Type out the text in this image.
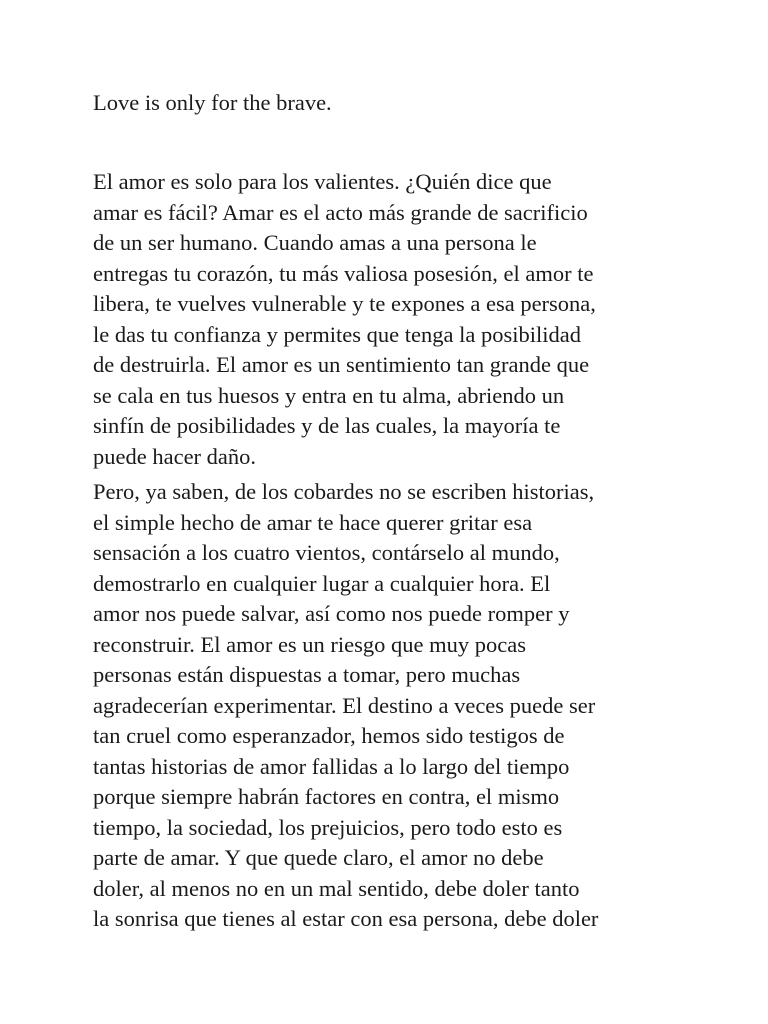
Love is only for the brave.
El amor es solo para los valientes. ¿Quién dice que
amar es fácil? Amar es el acto más grande de sacrificio
de un ser humano. Cuando amas a una persona le
entregas tu corazón, tu más valiosa posesión, el amor te
libera, te vuelves vulnerable y te expones a esa persona,
le das tu confianza y permites que tenga la posibilidad
de destruirla. El amor es un sentimiento tan grande que
se cala en tus huesos y entra en tu alma, abriendo un
sinfín de posibilidades y de las cuales, la mayoría te
puede hacer daño.
Pero, ya saben, de los cobardes no se escriben historias,
el simple hecho de amar te hace querer gritar esa
sensación a los cuatro vientos, contárselo al mundo,
demostrarlo en cualquier lugar a cualquier hora. El
amor nos puede salvar, así como nos puede romper y
reconstruir. El amor es un riesgo que muy pocas
personas están dispuestas a tomar, pero muchas
agradecerían experimentar. El destino a veces puede ser
tan cruel como esperanzador, hemos sido testigos de
tantas historias de amor fallidas a lo largo del tiempo
porque siempre habrán factores en contra, el mismo
tiempo, la sociedad, los prejuicios, pero todo esto es
parte de amar. Y que quede claro, el amor no debe
doler, al menos no en un mal sentido, debe doler tanto
la sonrisa que tienes al estar con esa persona, debe doler
